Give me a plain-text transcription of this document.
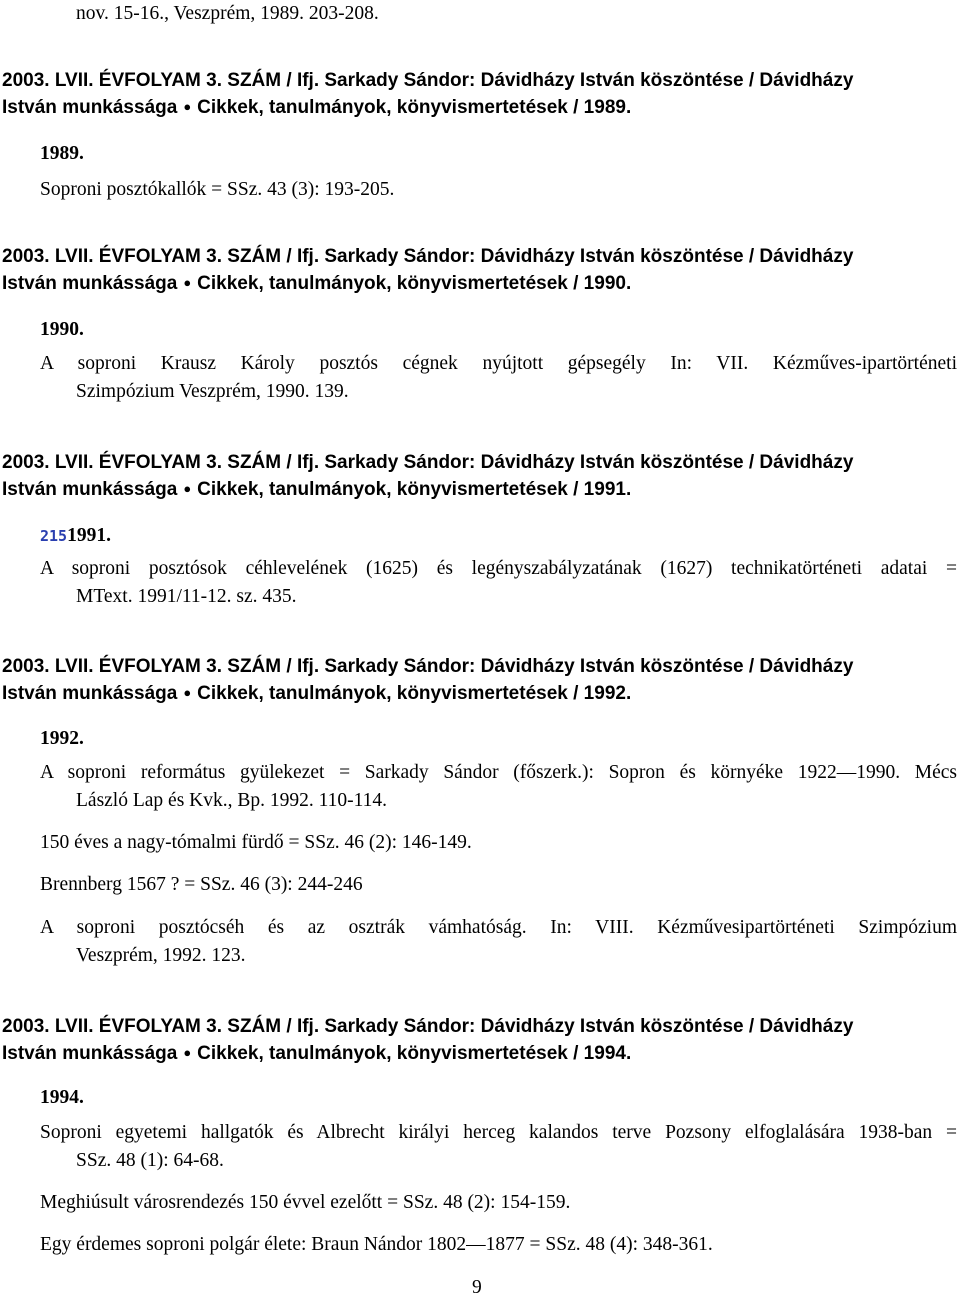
nov. 15-16., Veszprém, 1989. 203-208.
2003. LVII. ÉVFOLYAM 3. SZÁM / Ifj. Sarkady Sándor: Dávidházy István köszöntése / Dávidházy
István munkássága ● Cikkek, tanulmányok, könyvismertetések / 1989.
1989.
Soproni posztókallók = SSz. 43 (3): 193-205.
2003. LVII. ÉVFOLYAM 3. SZÁM / Ifj. Sarkady Sándor: Dávidházy István köszöntése / Dávidházy
István munkássága ● Cikkek, tanulmányok, könyvismertetések / 1990.
1990.
A soproni Krausz Károly posztós cégnek nyújtott gépsegély In: VII. Kézműves-ipartörténeti
Szimpózium Veszprém, 1990. 139.
2003. LVII. ÉVFOLYAM 3. SZÁM / Ifj. Sarkady Sándor: Dávidházy István köszöntése / Dávidházy
István munkássága ● Cikkek, tanulmányok, könyvismertetések / 1991.
2151991.
A soproni posztósok céhlevelének (1625) és legényszabályzatának (1627) technikatörténeti adatai =
MText. 1991/11-12. sz. 435.
2003. LVII. ÉVFOLYAM 3. SZÁM / Ifj. Sarkady Sándor: Dávidházy István köszöntése / Dávidházy
István munkássága ● Cikkek, tanulmányok, könyvismertetések / 1992.
1992.
A soproni református gyülekezet = Sarkady Sándor (főszerk.): Sopron és környéke 1922—1990. Mécs
László Lap és Kvk., Bp. 1992. 110-114.
150 éves a nagy-tómalmi fürdő = SSz. 46 (2): 146-149.
Brennberg 1567 ? = SSz. 46 (3): 244-246
A soproni posztócséh és az osztrák vámhatóság. In: VIII. Kézművesipartörténeti Szimpózium
Veszprém, 1992. 123.
2003. LVII. ÉVFOLYAM 3. SZÁM / Ifj. Sarkady Sándor: Dávidházy István köszöntése / Dávidházy
István munkássága ● Cikkek, tanulmányok, könyvismertetések / 1994.
1994.
Soproni egyetemi hallgatók és Albrecht királyi herceg kalandos terve Pozsony elfoglalására 1938-ban =
SSz. 48 (1): 64-68.
Meghiúsult városrendezés 150 évvel ezelőtt = SSz. 48 (2): 154-159.
Egy érdemes soproni polgár élete: Braun Nándor 1802—1877 = SSz. 48 (4): 348-361.
9
